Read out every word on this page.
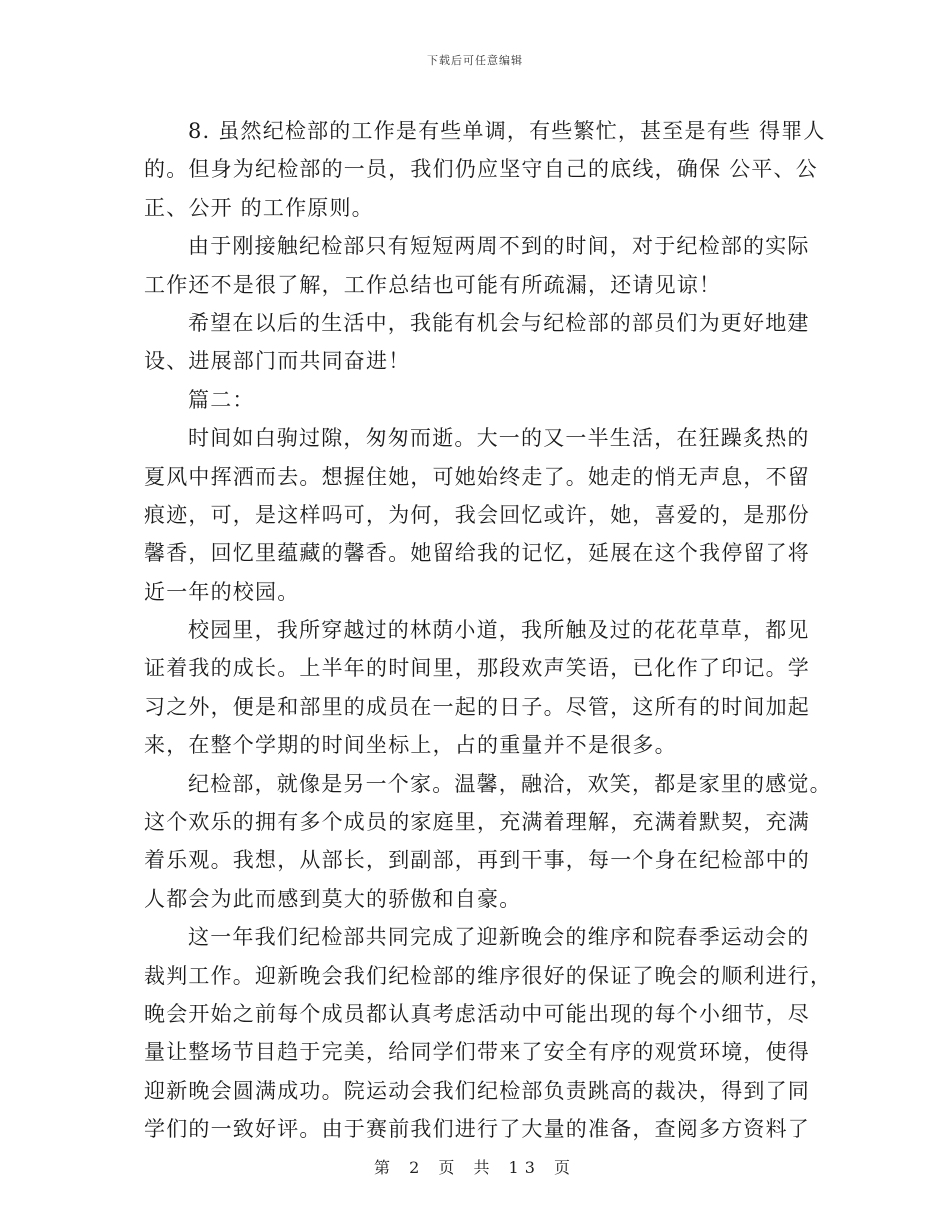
下载后可任意编辑
8. 虽然纪检部的工作是有些单调，有些繁忙，甚至是有些 得罪人
的。但身为纪检部的一员，我们仍应坚守自己的底线，确保 公平、公
正、公开 的工作原则。
由于刚接触纪检部只有短短两周不到的时间，对于纪检部的实际
工作还不是很了解，工作总结也可能有所疏漏，还请见谅！
希望在以后的生活中，我能有机会与纪检部的部员们为更好地建
设、进展部门而共同奋进！
篇二：
时间如白驹过隙，匆匆而逝。大一的又一半生活，在狂躁炙热的
夏风中挥洒而去。想握住她，可她始终走了。她走的悄无声息，不留
痕迹，可，是这样吗可，为何，我会回忆或许，她，喜爱的，是那份
馨香，回忆里蕴藏的馨香。她留给我的记忆，延展在这个我停留了将
近一年的校园。
校园里，我所穿越过的林荫小道，我所触及过的花花草草，都见
证着我的成长。上半年的时间里，那段欢声笑语，已化作了印记。学
习之外，便是和部里的成员在一起的日子。尽管，这所有的时间加起
来，在整个学期的时间坐标上，占的重量并不是很多。
纪检部，就像是另一个家。温馨，融洽，欢笑，都是家里的感觉。
这个欢乐的拥有多个成员的家庭里，充满着理解，充满着默契，充满
着乐观。我想，从部长，到副部，再到干事，每一个身在纪检部中的
人都会为此而感到莫大的骄傲和自豪。
这一年我们纪检部共同完成了迎新晚会的维序和院春季运动会的
裁判工作。迎新晚会我们纪检部的维序很好的保证了晚会的顺利进行，
晚会开始之前每个成员都认真考虑活动中可能出现的每个小细节，尽
量让整场节目趋于完美，给同学们带来了安全有序的观赏环境，使得
迎新晚会圆满成功。院运动会我们纪检部负责跳高的裁决，得到了同
学们的一致好评。由于赛前我们进行了大量的准备，查阅多方资料了
第 2 页 共 13 页
